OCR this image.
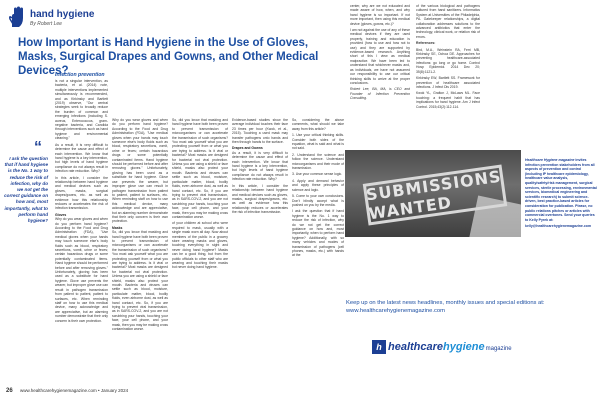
hand hygiene
By Robert Lee
How Important is Hand Hygiene in the Use of Gloves, Masks, Surgical Drapes and Gowns, and Other Medical Devices?
“
I ask the question that if hand hygiene is the No. 1 way to reduce the risk of infection, why do we not get the correct guidance on how and, most importantly, what to perform hand hygiene?
Infection prevention

is not a singular intervention, as bacteria, et al. (2014) note, multiple interventions implemented simultaneously is recommended, and as Kirkinsky and Bartlett (2019) observe, "Our central strategies seek to broadly reduce the burden of common and emerging infections (including S. aureus, Enterococcus, gram-negative bacteria, and Candida through interventions such as hand hygiene and environmental cleaning."

As a result, it is very difficult to determine the cause and effect of each intervention. We know that hand hygiene is a key intervention, but high levels of hand hygiene compliance do not always result in infection rate reduction. Why?

In this article, I consider the relationship between hand hygiene and medical devices such as gloves, masks, surgical drapes/gowns, etc. as well as evidence how this relationship reduces or accelerates the risk of infection transmission.

Gloves

Why do you wear gloves and when do you perform hand hygiene? According to the Food and Drug Administration (FDA), "Use medical gloves when your hands may touch someone else's body fluids such as blood, respiratory secretions, vomit, urine or feces; certain hazardous drugs or some potentially contaminated items. Hand hygiene should be performed before and after removing gloves." Unfortunately, gloving has been used as a substitute for hand hygiene. Glove use prevents the wearer, but improper glove use can result in pathogen transmission from patient to patient, patient to surfaces, etc. When reminding staff on how to use this medical device, many acknowledge and are appreciative, but an alarming number demonstrate that their only concern is their own protection.

Why do you wear gloves and when do you perform hand hygiene? According to the Food and Drug Administration (FDA), "Use medical gloves when your hands may touch someone else's body fluids such as blood, respiratory secretions, vomit, urine or feces; certain hazardous drugs or some potentially contaminated items. Hand hygiene should be performed before and after removing gloves." Unfortunately, gloving has been used as a substitute for hand hygiene. Glove use prevents the wearer, but improper glove use can result in pathogen transmission from patient to patient, patient to surfaces, etc. When reminding staff on how to use this medical device, many acknowledge and are appreciative, but an alarming number demonstrate that their only concern is their own protection.

Masks

So, did you know that masking and hand hygiene have both been proven to prevent transmission of microorganisms or can accelerate the transmission of such organisms? You must ask yourself what you are protecting yourself from or what you are trying to address. Is it viral or bacterial? Most masks are designed for bacterial not viral protection. Unless you are using a shield or face shield, masks also protect your mouth. Bacteria and viruses can settle such as blood, moisture, particulate matter, blood, bodily fluids, even airborne dust, as well as hand contact, etc. So, if you are trying to prevent viral transmission, as in SARS-COV-2, and you are not scrubbing your hands, touching your face, your cell phone, and your mask, then you may be making cross contamination worse.

So, did you know that masking and hand hygiene have both been proven to prevent transmission of microorganisms or can accelerate the transmission of such organisms? You must ask yourself what you are protecting yourself from or what you are trying to address. Is it viral or bacterial? Most masks are designed for bacterial not viral protection. Unless you are using a shield or face shield, masks also protect your mouth. Bacteria and viruses can settle such as blood, moisture, particulate matter, blood, bodily fluids, even airborne dust, as well as hand contact, etc. So, if you are trying to prevent viral transmission, as in SARS-COV-2, and you are not scrubbing your hands, touching your face, your cell phone, and your mask, then you may be making cross contamination worse.

of your children at school who were required to mask, usually with a single mask worn all day. Now about members of the public in a grocery store wearing masks and gloves, touching everything in sight and never doing hand hygiene? Masks can be a good thing, but from the public officials to other staff who are wearing and touching their masks but never doing hand hygiene.

Evidence-based studies show the average individual touches their face 23 times per hour (Kwok, et al., 2015). Touching a used mask may transfer pathogens onto hands and then through hands to the surface.

Drapes and Gowns

As a result, it is very difficult to determine the cause and effect of each intervention. We know that hand hygiene is a key intervention, but high levels of hand hygiene compliance do not always result in infection rate reduction. Why?

In this article, I consider the relationship between hand hygiene and medical devices such as gloves, masks, surgical drapes/gowns, etc. as well as evidence how this relationship reduces or accelerates the risk of infection transmission.

So, considering the above comments, what should we take away from this article?

1. Use your critical thinking skills. Consider both sides of the equation, what is said and what is not said.

2. Understand the science and follow the science. Understand microorganisms and their mode of transmission.

3. Use your common sense logic.

4. Apply and demand behavior and apply these principles of science and logic.

5. Come to your own conclusions. Don't blindly accept what is pushed on you by the media.

I ask the question that if hand hygiene is the No. 1 way to reduce the risk of infection, why do we not get the correct guidance on how and, most importantly, when to perform hand hygiene? Additionally, with so many vehicles and modes of transmission of pathogens (cell phones, masks, etc.) with hands at the

center, why are we not educated and made aware of how, when, and why hand hygiene is so important. If not more important, then using this medical device (gloves, gowns, etc.)?

I am not against the use of any of these medical devices if they are used properly, training and education is provided (how to use and how not to use) and they are supported by evidence-based research. Anything short of this I view as medical malpractice. We have been led to understand that whichever masks and, as individuals, we have not assumed our responsibility to use our critical thinking skills to arrive at the proper conclusions.

Robert Lee, BA, MA, is CEO and Founder of Infection Prevention Consulting.

of the various biological and pathogens cultured from hand sanitizers. Informatics System at Universities of the Philadelphia, PA. Gatekeeper relationships, a digital collaboration addresses solutions to the advanced antibiotics that enter the technology, clinical work, or relation risk of errors.

References:

Bird, M.A., Weinstein RA, Ferri MB, Kirkinsky SE, Ochoa DE. Approaches for preventing healthcare-associated infections: go long or go home. Control Hosp Epidemiol. 2014 Dec 20; 35(8):1121-2.

Kirkinsky EW, Bartlett SS. Framework for prevention of healthcare associated infections. J Infect Dis 2019.

Kwok YL, Gralton J, McLaws ML. Face touching: a frequent habit that has implications for hand hygiene. Am J Infect Control. 2015;43(2):112-114.

SUBMISSIONS WANTED
Healthcare Hygiene magazine invites infection prevention stakeholders from all aspects of prevention and control (including IP healthcare epidemiology, healthcare value analysis, quality/safety/risk management, surgical services, sterile processing, environmental services, biomedical engineering and scientific research) to submit science-driven, best practice-based articles for consideration for publication. Please, no public relations pitches or articles with commercial overtones. Send your queries to Kelly Pyrek at:
kelly@healthcarehygienemagazine.com
Keep up on the latest news headlines, monthly issues and special editions at: www.healthcarehygienemagazine.com
h healthcare hygiene magazine
26 www.healthcarehygienemagazine.com • January 2024
